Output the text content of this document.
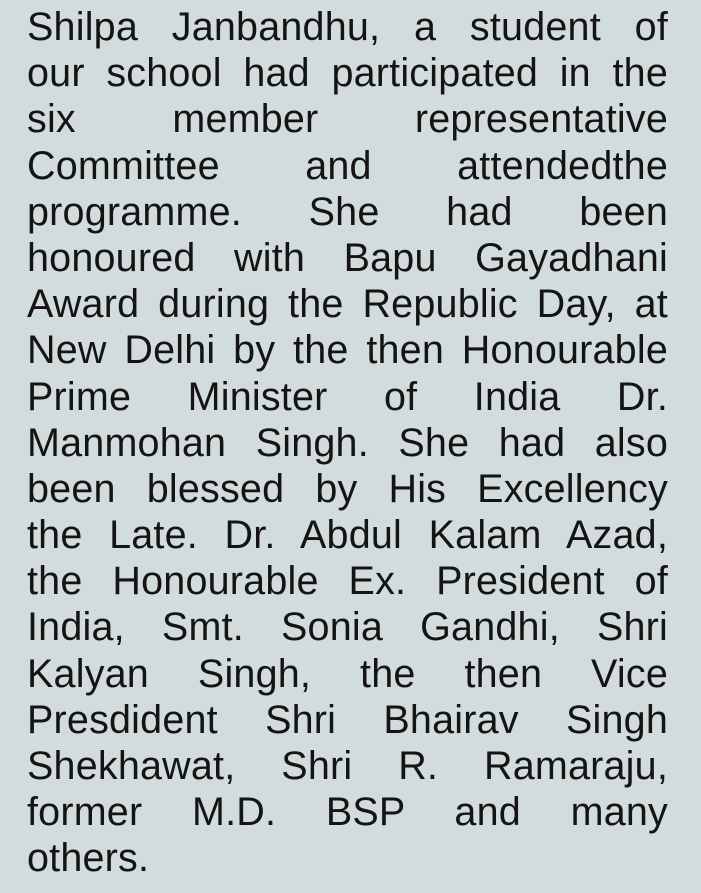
Shilpa Janbandhu, a student of
our school had participated in the
six member representative
Committee and attendedthe
programme. She had been
honoured with Bapu Gayadhani
Award during the Republic Day, at
New Delhi by the then Honourable
Prime Minister of India Dr.
Manmohan Singh. She had also
been blessed by His Excellency
the Late. Dr. Abdul Kalam Azad,
the Honourable Ex. President of
India, Smt. Sonia Gandhi, Shri
Kalyan Singh, the then Vice
Presdident Shri Bhairav Singh
Shekhawat, Shri R. Ramaraju,
former M.D. BSP and many
others.
